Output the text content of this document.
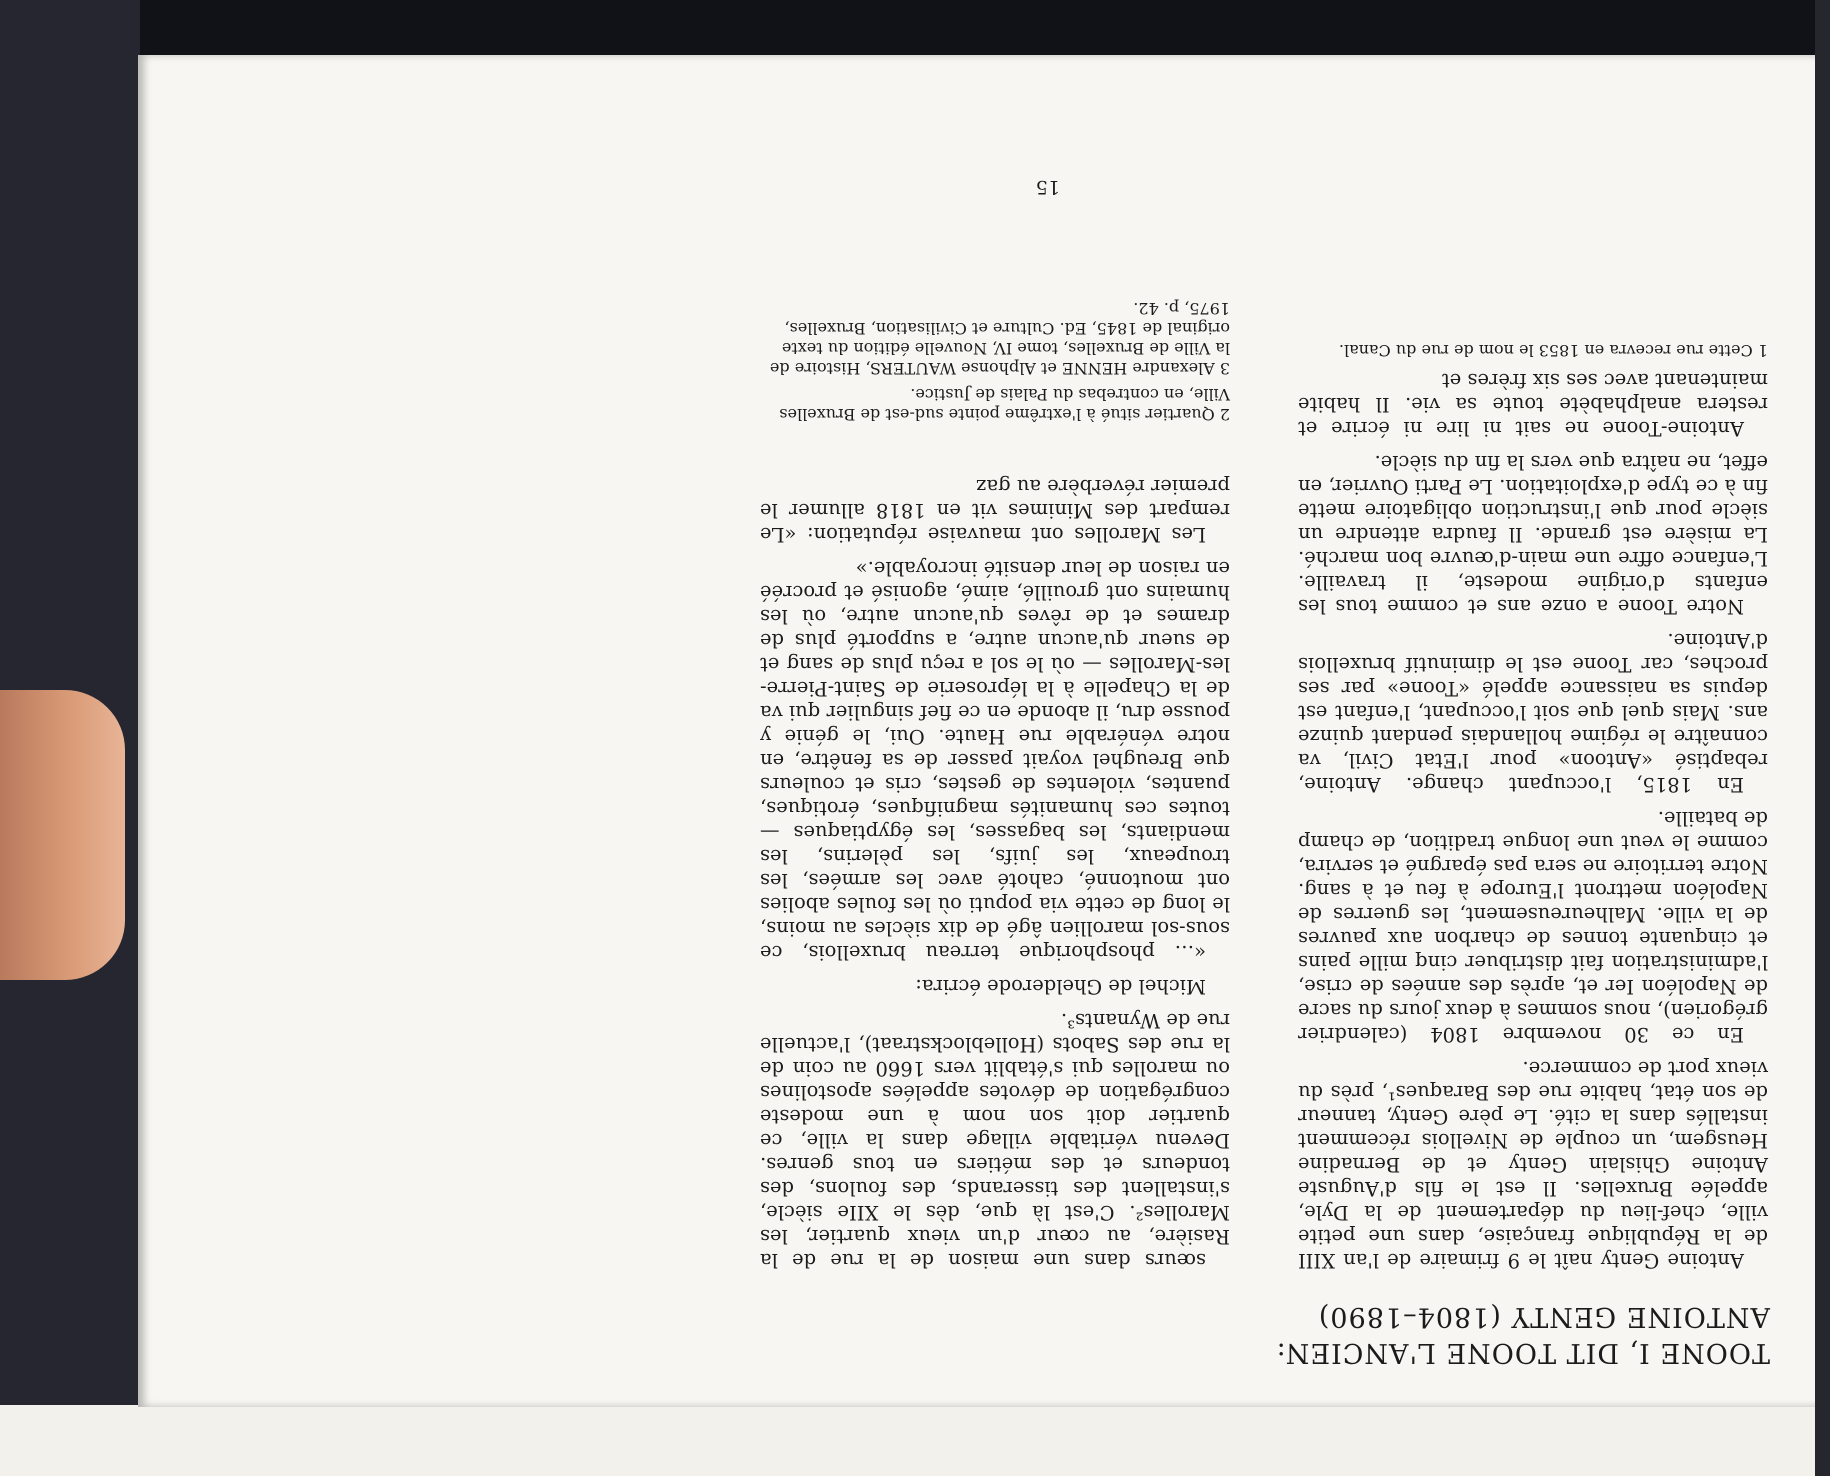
TOONE I, DIT TOONE L'ANCIEN: ANTOINE GENTY (1804–1890)

Antoine Genty naît le 9 frimaire de l'an XIII de la République française, dans une petite ville, chef-lieu du département de la Dyle, appelée Bruxelles. Il est le fils d'Auguste Antoine Ghislain Genty et de Bernadine Heusgem, un couple de Nivellois récemment installés dans la cité. Le père Genty, tanneur de son état, habite rue des Baraques¹, près du vieux port de commerce.

En ce 30 novembre 1804 (calendrier grégorien), nous sommes à deux jours du sacre de Napoléon Ier et, après des années de crise, l'administration fait distribuer cinq mille pains et cinquante tonnes de charbon aux pauvres de la ville. Malheureusement, les guerres de Napoléon mettront l'Europe à feu et à sang. Notre territoire ne sera pas épargné et servira, comme le veut une longue tradition, de champ de bataille.

En 1815, l'occupant change. Antoine, rebaptisé «Antoon» pour l'Etat Civil, va connaître le régime hollandais pendant quinze ans. Mais quel que soit l'occupant, l'enfant est depuis sa naissance appelé «Toone» par ses proches, car Toone est le diminutif bruxellois d'Antoine.

Notre Toone a onze ans et comme tous les enfants d'origine modeste, il travaille. L'enfance offre une main-d'œuvre bon marché. La misère est grande. Il faudra attendre un siècle pour que l'instruction obligatoire mette fin à ce type d'exploitation. Le Parti Ouvrier, en effet, ne naîtra que vers la fin du siècle.

Antoine-Toone ne sait ni lire ni écrire et restera analphabète toute sa vie. Il habite maintenant avec ses six frères et

sœurs dans une maison de la rue de la Rasière, au cœur d'un vieux quartier, les Marolles². C'est là que, dès le XIIe siècle, s'installent des tisserands, des foulons, des tondeurs et des métiers en tous genres. Devenu véritable village dans la ville, ce quartier doit son nom à une modeste congrégation de dévotes appelées apostolines ou marolles qui s'établit vers 1660 au coin de la rue des Sabots (Holleblockstraat), l'actuelle rue de Wynants³.

Michel de Ghelderode écrira:

«… phosphorique terreau bruxellois, ce sous-sol marollien âgé de dix siècles au moins, le long de cette via poputi où les foules abolies ont moutonné, cahoté avec les armées, les troupeaux, les juifs, les pèlerins, les mendiants, les bagasses, les égyptiaques — toutes ces humanités magnifiques, érotiques, puantes, violentes de gestes, cris et couleurs que Breughel voyait passer de sa fenêtre, en notre vénérable rue Haute. Oui, le génie y pousse dru, il abonde en ce fief singulier qui va de la Chapelle à la léproserie de Saint-Pierre-les-Marolles — où le sol a reçu plus de sang et de sueur qu'aucun autre, a supporté plus de drames et de rêves qu'aucun autre, où les humains ont grouillé, aimé, agonisé et procréé en raison de leur densité incroyable.»

Les Marolles ont mauvaise réputation: «Le rempart des Minimes vit en 1818 allumer le premier réverbère au gaz

1 Cette rue recevra en 1853 le nom de rue du Canal.

2 Quartier situé à l'extrême pointe sud-est de Bruxelles Ville, en contrebas du Palais de Justice.

3 Alexandre HENNE et Alphonse WAUTERS, Histoire de la Ville de Bruxelles, tome IV, Nouvelle édition du texte original de 1845, Ed. Culture et Civilisation, Bruxelles, 1975, p. 42.

15
